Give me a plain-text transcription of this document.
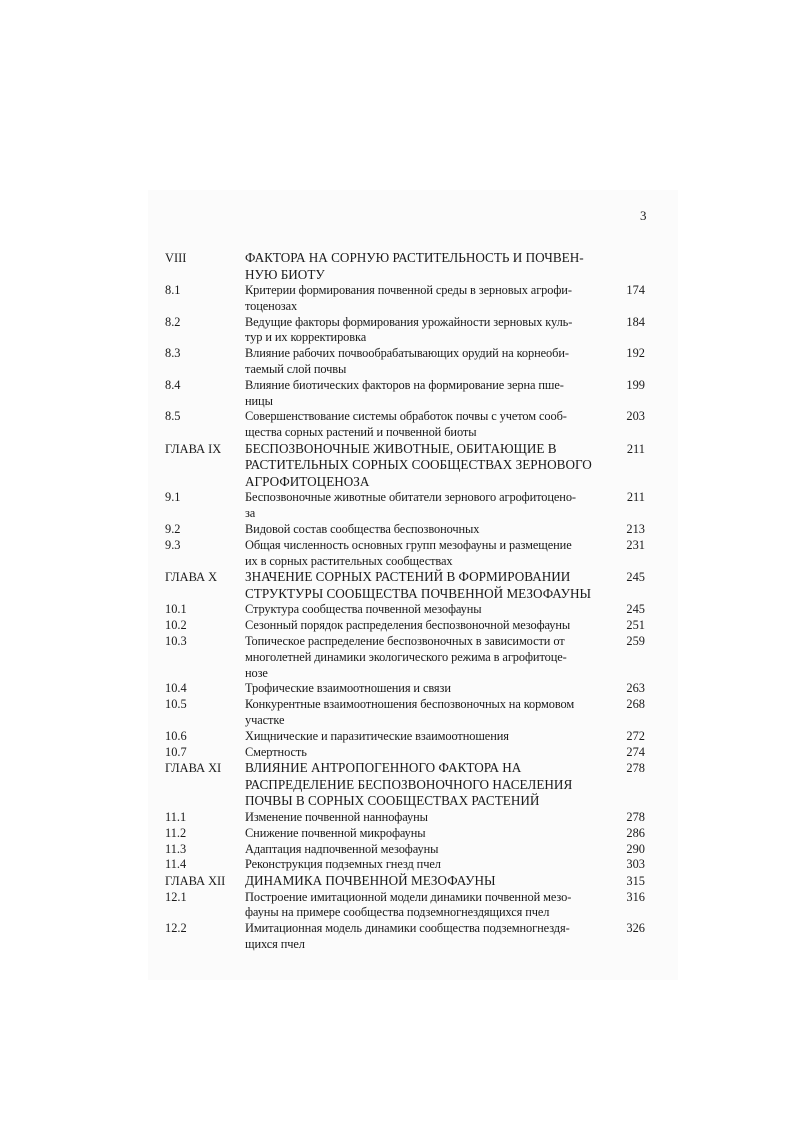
3
VIII	ФАКТОРА НА СОРНУЮ РАСТИТЕЛЬНОСТЬ И ПОЧВЕН-
НУЮ БИОТУ
8.1	Критерии формирования почвенной среды в зерновых агрофи-
тоценозах
174
8.2	Ведущие факторы формирования урожайности зерновых куль-
тур и их корректировка
184
8.3	Влияние рабочих почвообрабатывающих орудий на корнеоби-
таемый слой почвы
192
8.4	Влияние биотических факторов на формирование зерна пше-
ницы
199
8.5	Совершенствование системы обработок почвы с учетом сооб-
щества сорных растений и почвенной биоты
203
ГЛАВА IX	БЕСПОЗВОНОЧНЫЕ ЖИВОТНЫЕ, ОБИТАЮЩИЕ В
РАСТИТЕЛЬНЫХ СОРНЫХ СООБЩЕСТВАХ ЗЕРНОВОГО
АГРОФИТОЦЕНОЗА
211
9.1	Беспозвоночные животные обитатели зернового агрофитоцено-
за
211
9.2	Видовой состав сообщества беспозвоночных	213
9.3	Общая численность основных групп мезофауны и размещение
их в сорных растительных сообществах
231
ГЛАВА X	ЗНАЧЕНИЕ СОРНЫХ РАСТЕНИЙ В ФОРМИРОВАНИИ
СТРУКТУРЫ СООБЩЕСТВА ПОЧВЕННОЙ МЕЗОФАУНЫ
245
10.1	Структура сообщества почвенной мезофауны	245
10.2	Сезонный порядок распределения беспозвоночной мезофауны	251
10.3	Топическое распределение беспозвоночных в зависимости от
многолетней динамики экологического режима в агрофитоце-
нозе
259
10.4	Трофические взаимоотношения и связи	263
10.5	Конкурентные взаимоотношения беспозвоночных на кормовом
участке
268
10.6	Хищнические и паразитические взаимоотношения	272
10.7	Смертность	274
ГЛАВА XI	ВЛИЯНИЕ АНТРОПОГЕННОГО ФАКТОРА НА
РАСПРЕДЕЛЕНИЕ БЕСПОЗВОНОЧНОГО НАСЕЛЕНИЯ
ПОЧВЫ В СОРНЫХ СООБЩЕСТВАХ РАСТЕНИЙ
278
11.1	Изменение почвенной наннофауны	278
11.2	Снижение почвенной микрофауны	286
11.3	Адаптация надпочвенной мезофауны	290
11.4	Реконструкция подземных гнезд пчел	303
ГЛАВА XII	ДИНАМИКА ПОЧВЕННОЙ МЕЗОФАУНЫ	315
12.1	Построение имитационной модели динамики почвенной мезо-
фауны на примере сообщества подземногнездящихся пчел
316
12.2	Имитационная модель динамики сообщества подземногнездя-
щихся пчел
326
